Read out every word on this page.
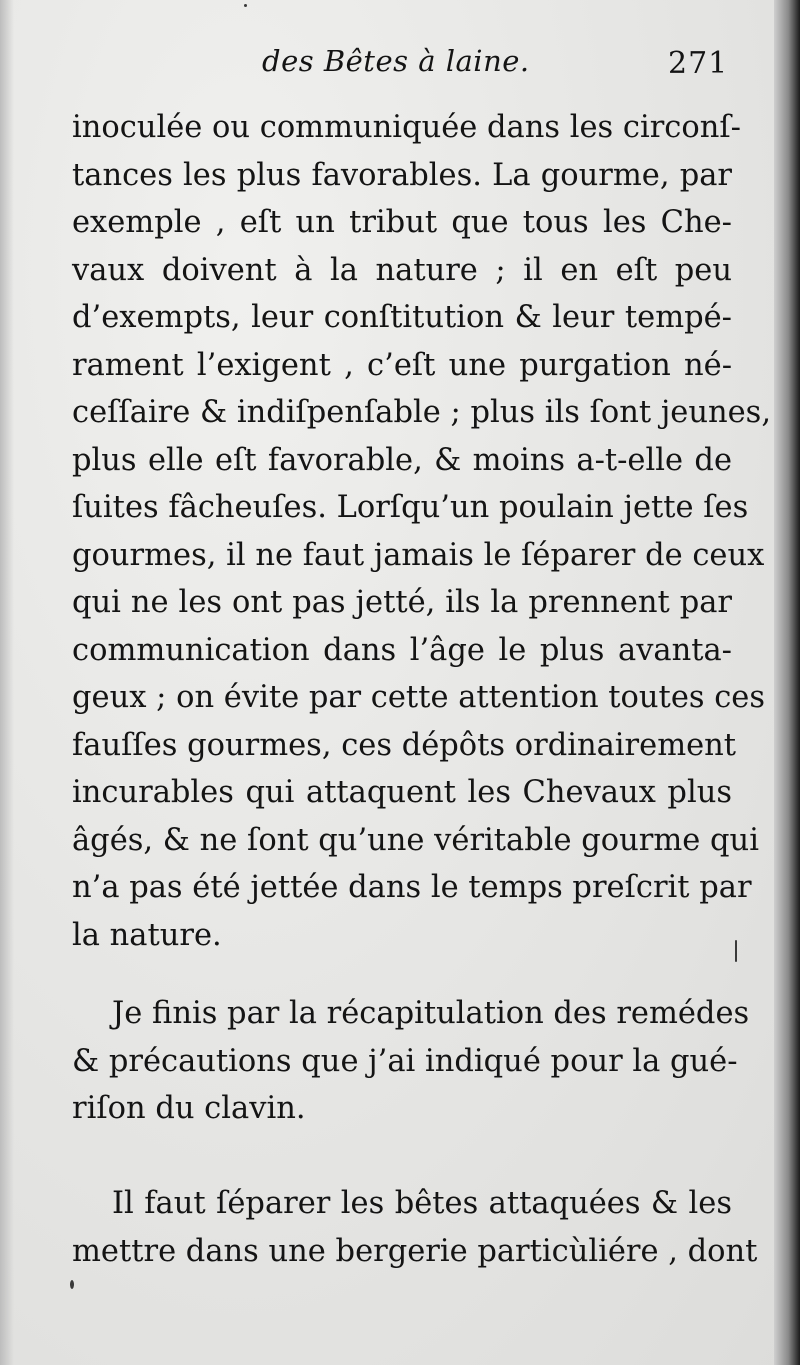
des Bêtes à laine.	271
inoculée ou communiquée dans les circonſ-
tances les plus favorables. La gourme, par
exemple , eſt un tribut que tous les Che-
vaux doivent à la nature ; il en eſt peu
d’exempts, leur conſtitution & leur tempé-
rament l’exigent , c’eſt une purgation né-
ceſſaire & indiſpenſable ; plus ils ſont jeunes,
plus elle eſt favorable, & moins a-t-elle de
ſuites fâcheuſes. Lorſqu’un poulain jette ſes
gourmes, il ne faut jamais le ſéparer de ceux
qui ne les ont pas jetté, ils la prennent par
communication dans l’âge le plus avanta-
geux ; on évite par cette attention toutes ces
fauſſes gourmes, ces dépôts ordinairement
incurables qui attaquent les Chevaux plus
âgés, & ne ſont qu’une véritable gourme qui
n’a pas été jettée dans le temps preſcrit par
la nature.
Je finis par la récapitulation des remédes
& précautions que j’ai indiqué pour la gué-
riſon du clavin.
Il faut ſéparer les bêtes attaquées & les
mettre dans une bergerie particùliére , dont
